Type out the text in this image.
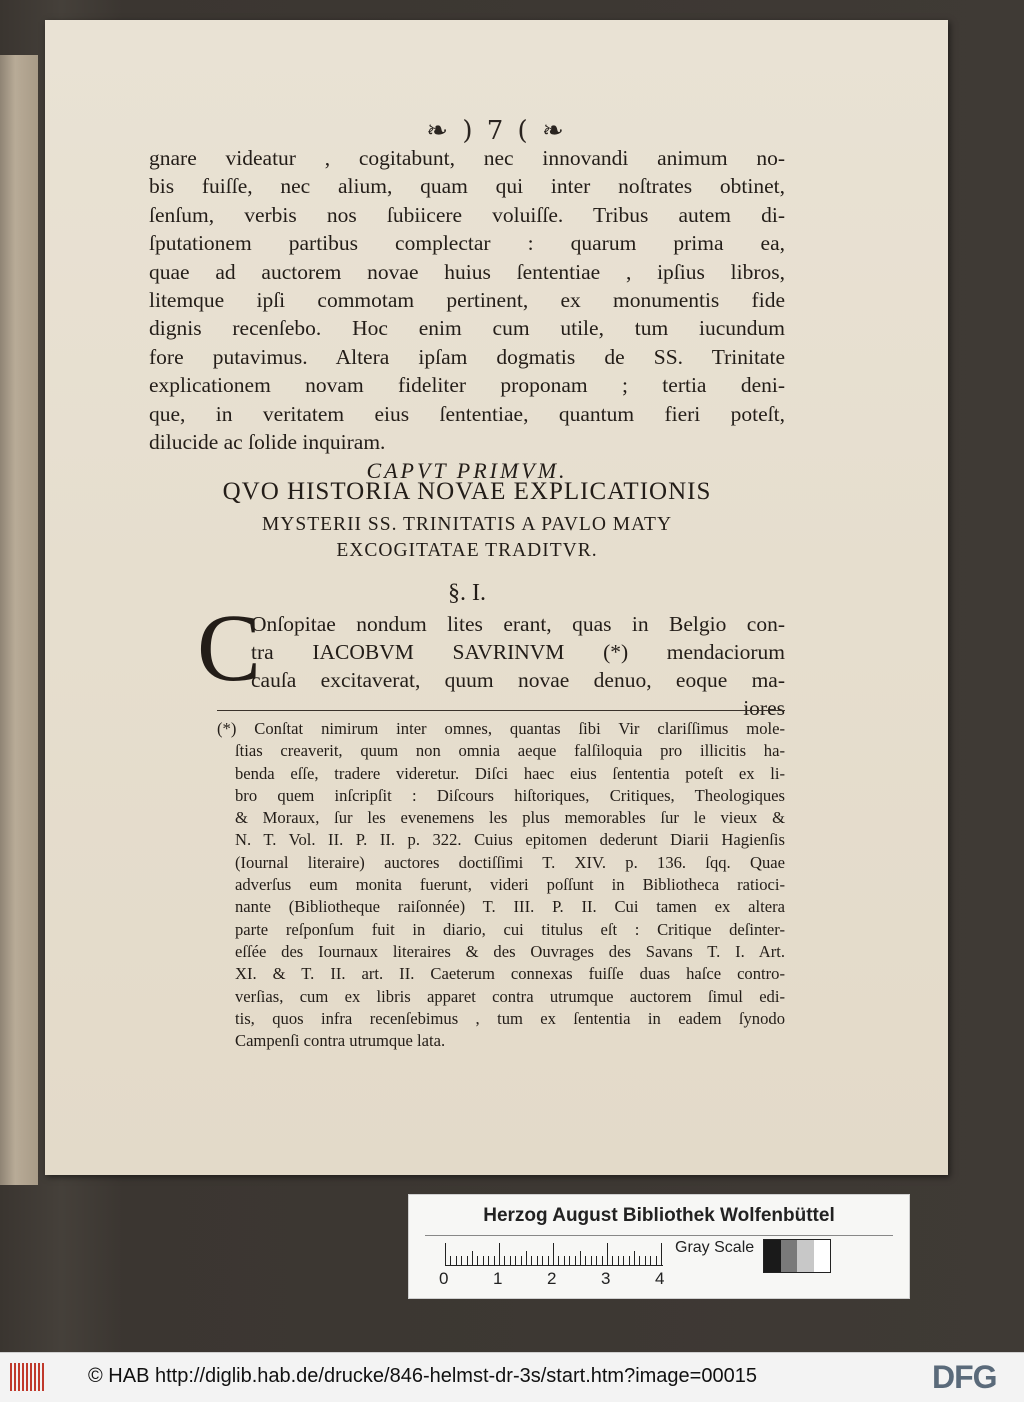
❧ ) 7 ( ❧
gnare videatur , cogitabunt, nec innovandi animum no-
bis fuiſſe, nec alium, quam qui inter noſtrates obtinet,
ſenſum, verbis nos ſubiicere voluiſſe. Tribus autem di-
ſputationem partibus complectar : quarum prima ea,
quae ad auctorem novae huius ſententiae , ipſius libros,
litemque ipſi commotam pertinent, ex monumentis fide
dignis recenſebo. Hoc enim cum utile, tum iucundum
fore putavimus. Altera ipſam dogmatis de SS. Trinitate
explicationem novam fideliter proponam ; tertia deni-
que, in veritatem eius ſententiae, quantum fieri poteſt,
dilucide ac ſolide inquiram.
CAPVT PRIMVM.
QVO HISTORIA NOVAE EXPLICATIONIS
MYSTERII SS. TRINITATIS A PAVLO MATY
EXCOGITATAE TRADITVR.
§. I.
C
Onſopitae nondum lites erant, quas in Belgio con-
tra IACOBVM SAVRINVM (*) mendaciorum
cauſa excitaverat, quum novae denuo, eoque ma-
iores
(*) Conſtat nimirum inter omnes, quantas ſibi Vir clariſſimus mole-
ſtias creaverit, quum non omnia aeque falſiloquia pro illicitis ha-
benda eſſe, tradere videretur. Diſci haec eius ſententia poteſt ex li-
bro quem inſcripſit : Diſcours hiſtoriques, Critiques, Theologiques
& Moraux, ſur les evenemens les plus memorables ſur le vieux &
N. T. Vol. II. P. II. p. 322. Cuius epitomen dederunt Diarii Hagienſis
(Iournal literaire) auctores doctiſſimi T. XIV. p. 136. ſqq. Quae
adverſus eum monita fuerunt, videri poſſunt in Bibliotheca ratioci-
nante (Bibliotheque raiſonnée) T. III. P. II. Cui tamen ex altera
parte reſponſum fuit in diario, cui titulus eſt : Critique deſinter-
eſſée des Iournaux literaires & des Ouvrages des Savans T. I. Art.
XI. & T. II. art. II. Caeterum connexas fuiſſe duas haſce contro-
verſias, cum ex libris apparet contra utrumque auctorem ſimul edi-
tis, quos infra recenſebimus , tum ex ſententia in eadem ſynodo
Campenſi contra utrumque lata.
Herzog August Bibliothek Wolfenbüttel
0	1	2	3	4
Gray Scale
© HAB http://diglib.hab.de/drucke/846-helmst-dr-3s/start.htm?image=00015	DFG
